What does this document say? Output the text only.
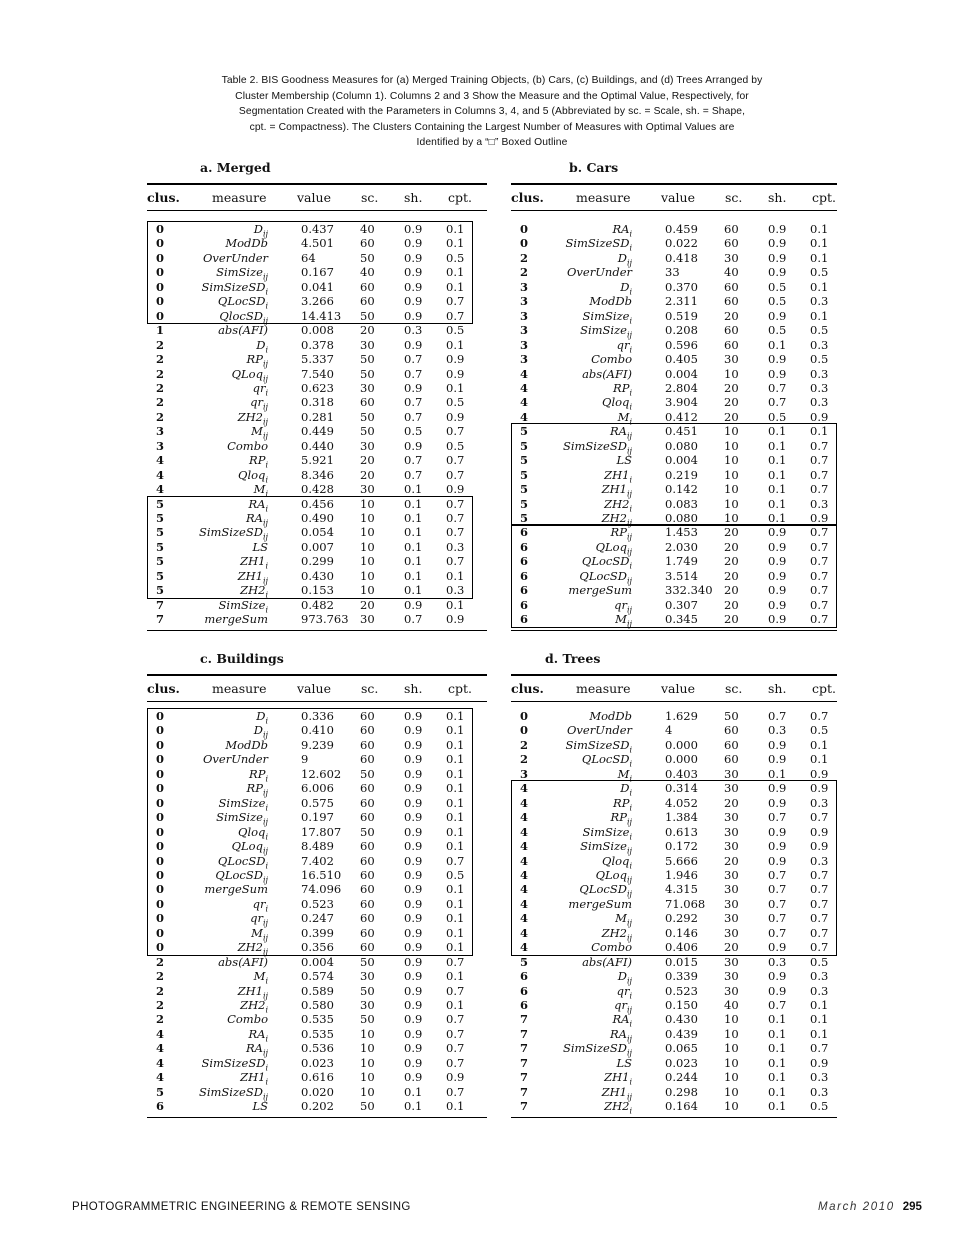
Table 2. BIS Goodness Measures for (a) Merged Training Objects, (b) Cars, (c) Buildings, and (d) Trees Arranged by
Cluster Membership (Column 1). Columns 2 and 3 Show the Measure and the Optimal Value, Respectively, for
Segmentation Created with the Parameters in Columns 3, 4, and 5 (Abbreviated by sc. = Scale, sh. = Shape,
cpt. = Compactness). The Clusters Containing the Largest Number of Measures with Optimal Values are
Identified by a “□” Boxed Outline
a. Merged
clus.	measure value sc. sh. cpt.
0	$D_{ij}$	0.437 40	0.9 0.1
0	ModDb	4.501 60	0.9 0.1
0	OverUnder	64	50	0.9 0.5
0	SimSize$_{ij}$	0.167 40	0.9 0.1
0	SimSizeSD$_i$	0.041 60	0.9 0.1
0	QLocSD$_i$	3.266 60	0.9 0.7
0	QlocSD$_{ij}$	14.413 50	0.9 0.7
1	abs(AFI)	0.008 20	0.3 0.5
2	$D_i$	0.378 30	0.9 0.1
2	$RP_{ij}$	5.337 50	0.7 0.9
2	QLoq$_{ij}$	7.540 50	0.7 0.9
2	$qr_i$	0.623 30	0.9 0.1
2	$qr_{ij}$	0.318 60	0.7 0.5
2	$ZH2_{ij}$	0.281 50	0.7 0.9
3	$M_{ij}$	0.449 50	0.5 0.7
3	Combo	0.440 30	0.9 0.5
4	$RP_i$	5.921 20	0.7 0.7
4	Qloq$_i$	8.346 20	0.7 0.7
4	$M_i$	0.428 30	0.1 0.9
5	$RA_i$	0.456 10	0.1 0.7
5	$RA_{ij}$	0.490 10	0.1 0.7
5	SimSizeSD$_{ij}$	0.054 10	0.1 0.7
5	LS	0.007 10	0.1 0.3
5	$ZH1_i$	0.299 10	0.1 0.7
5	$ZH1_{ij}$	0.430 10	0.1 0.1
5	$ZH2_i$	0.153 10	0.1 0.3
7	SimSize$_i$	0.482 20	0.9 0.1
7	mergeSum	973.763 30	0.7 0.9
b. Cars
clus.	measure value sc. sh. cpt.
0	$RA_i$	0.459 60	0.9 0.1
0	SimSizeSD$_i$	0.022 60	0.9 0.1
2	$D_{ij}$	0.418 30	0.9 0.1
2	OverUnder	33	40	0.9 0.5
3	$D_i$	0.370 60	0.5 0.1
3	ModDb	2.311 60	0.5 0.3
3	SimSize$_i$	0.519 20	0.9 0.1
3	SimSize$_{ij}$	0.208 60	0.5 0.5
3	$qr_i$	0.596 60	0.1 0.3
3	Combo	0.405 30	0.9 0.5
4	abs(AFI)	0.004 10	0.9 0.3
4	$RP_i$	2.804 20	0.7 0.3
4	Qloq$_i$	3.904 20	0.7 0.3
4	$M_i$	0.412 20	0.5 0.9
5	$RA_{ij}$	0.451 10	0.1 0.1
5	SimSizeSD$_{ij}$	0.080 10	0.1 0.7
5	LS	0.004 10	0.1 0.7
5	$ZH1_i$	0.219 10	0.1 0.7
5	$ZH1_{ij}$	0.142 10	0.1 0.7
5	$ZH2_i$	0.083 10	0.1 0.3
5	$ZH2_{ij}$	0.080 10	0.1 0.9
6	$RP_{ij}$	1.453 20	0.9 0.7
6	QLoq$_{ij}$	2.030 20	0.9 0.7
6	QLocSD$_i$	1.749 20	0.9 0.7
6	QLocSD$_{ij}$	3.514 20	0.9 0.7
6	mergeSum	332.340 20	0.9 0.7
6	$qr_{ij}$	0.307 20	0.9 0.7
6	$M_{ij}$	0.345 20	0.9 0.7
c. Buildings
clus.	measure value sc. sh. cpt.
0	$D_i$	0.336 60	0.9 0.1
0	$D_{ij}$	0.410 60	0.9 0.1
0	ModDb	9.239 60	0.9 0.1
0	OverUnder	9	60	0.9 0.1
0	$RP_i$	12.602 50	0.9 0.1
0	$RP_{ij}$	6.006 60	0.9 0.1
0	SimSize$_i$	0.575 60	0.9 0.1
0	SimSize$_{ij}$	0.197 60	0.9 0.1
0	Qloq$_i$	17.807 50	0.9 0.1
0	QLoq$_{ij}$	8.489 60	0.9 0.1
0	QLocSD$_i$	7.402 60	0.9 0.7
0	QLocSD$_{ij}$	16.510 60	0.9 0.5
0	mergeSum	74.096 60	0.9 0.1
0	$qr_i$	0.523 60	0.9 0.1
0	$qr_{ij}$	0.247 60	0.9 0.1
0	$M_{ij}$	0.399 60	0.9 0.1
0	$ZH2_{ij}$	0.356 60	0.9 0.1
2	abs(AFI)	0.004 50	0.9 0.7
2	$M_i$	0.574 30	0.9 0.1
2	$ZH1_{ij}$	0.589 50	0.9 0.7
2	$ZH2_i$	0.580 30	0.9 0.1
2	Combo	0.535 50	0.9 0.7
4	$RA_i$	0.535 10	0.9 0.7
4	$RA_{ij}$	0.536 10	0.9 0.7
4	SimSizeSD$_i$	0.023 10	0.9 0.7
4	$ZH1_i$	0.616 10	0.9 0.9
5	SimSizeSD$_{ij}$	0.020 10	0.1 0.7
6	LS	0.202 50	0.1 0.1
d. Trees
clus.	measure value sc. sh. cpt.
0	ModDb	1.629 50	0.7 0.7
0	OverUnder	4	60	0.3 0.5
2	SimSizeSD$_i$	0.000 60	0.9 0.1
2	QLocSD$_i$	0.000 60	0.9 0.1
3	$M_i$	0.403 30	0.1 0.9
4	$D_i$	0.314 30	0.9 0.9
4	$RP_i$	4.052 20	0.9 0.3
4	$RP_{ij}$	1.384 30	0.7 0.7
4	SimSize$_i$	0.613 30	0.9 0.9
4	SimSize$_{ij}$	0.172 30	0.9 0.9
4	Qloq$_i$	5.666 20	0.9 0.3
4	QLoq$_{ij}$	1.946 30	0.7 0.7
4	QLocSD$_{ij}$	4.315 30	0.7 0.7
4	mergeSum	71.068 30	0.7 0.7
4	$M_{ij}$	0.292 30	0.7 0.7
4	$ZH2_{ij}$	0.146 30	0.7 0.7
4	Combo	0.406 20	0.9 0.7
5	abs(AFI)	0.015 30	0.3 0.5
6	$D_{ij}$	0.339 30	0.9 0.3
6	$qr_i$	0.523 30	0.9 0.3
6	$qr_{ij}$	0.150 40	0.7 0.1
7	$RA_i$	0.430 10	0.1 0.1
7	$RA_{ij}$	0.439 10	0.1 0.1
7	SimSizeSD$_{ij}$	0.065 10	0.1 0.7
7	LS	0.023 10	0.1 0.9
7	$ZH1_i$	0.244 10	0.1 0.3
7	$ZH1_{ij}$	0.298 10	0.1 0.3
7	$ZH2_i$	0.164 10	0.1 0.5
PHOTOGRAMMETRIC ENGINEERING & REMOTE SENSING	March 2010 295
